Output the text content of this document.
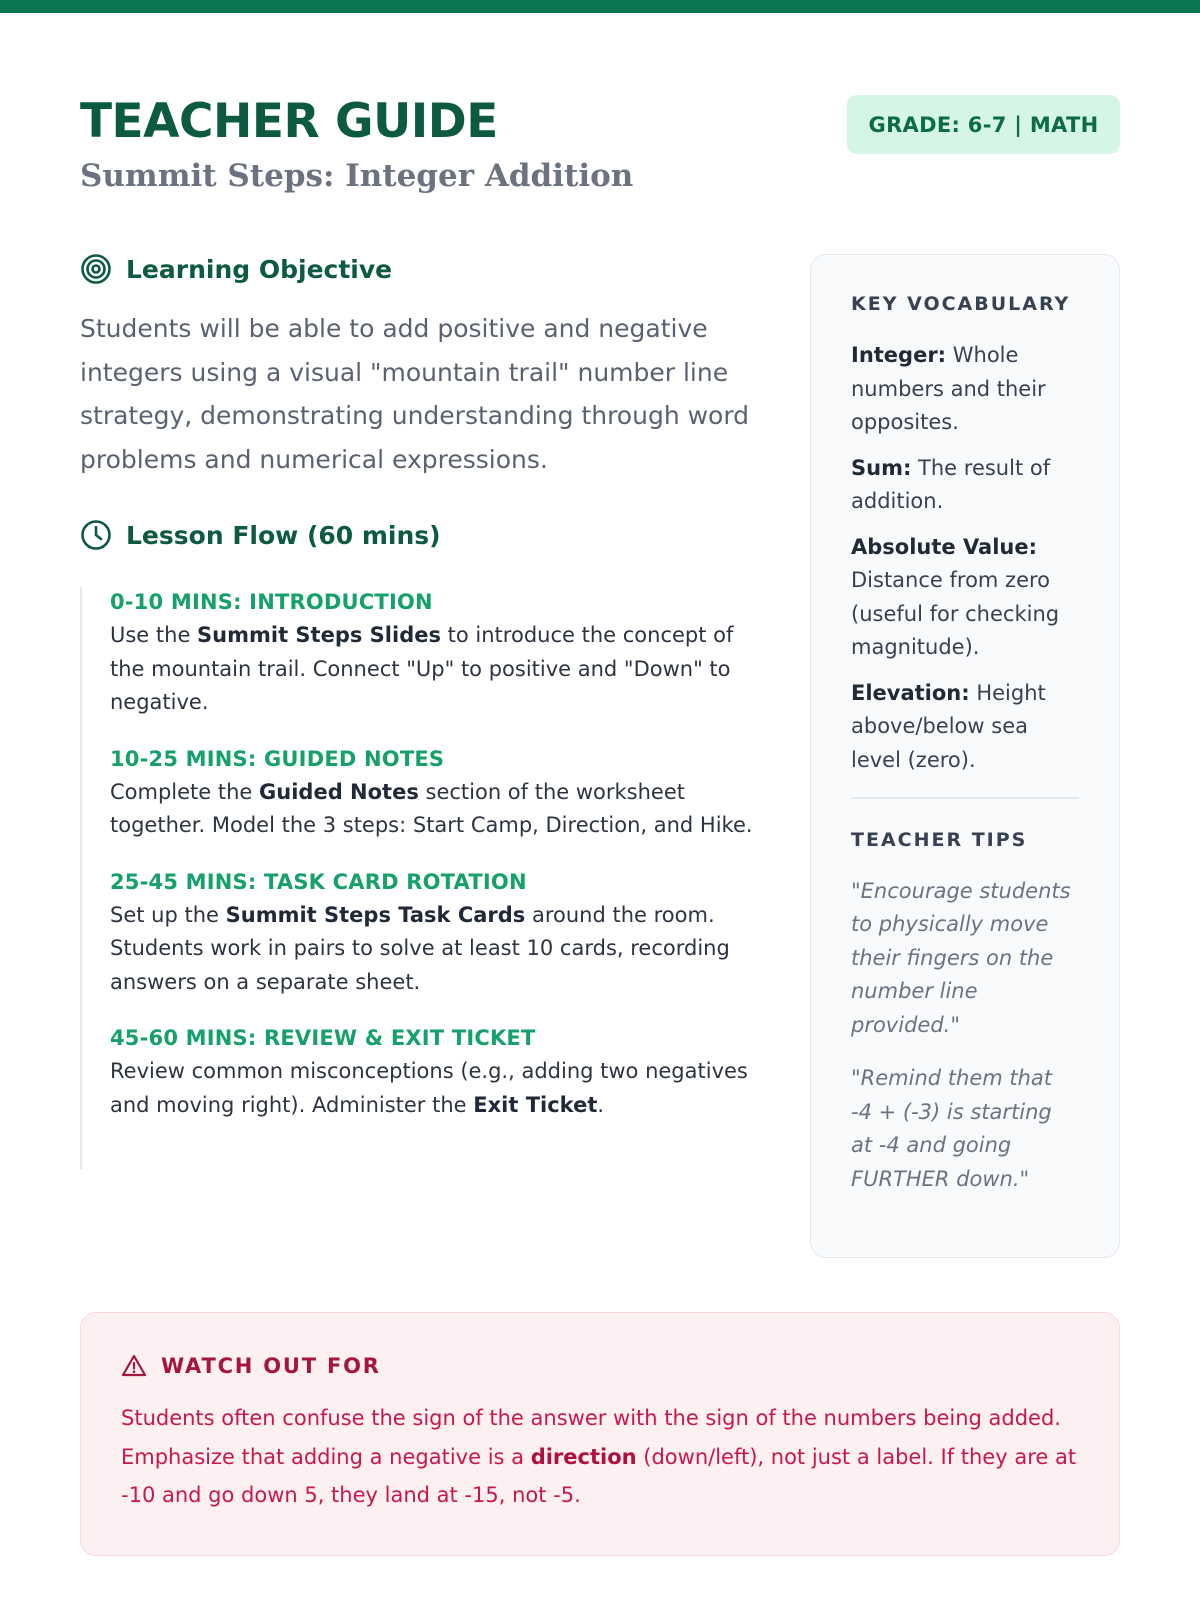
TEACHER GUIDE
Summit Steps: Integer Addition
GRADE: 6-7 | MATH
Learning Objective

Students will be able to add positive and negative integers using a visual "mountain trail" number line strategy, demonstrating understanding through word problems and numerical expressions.

Lesson Flow (60 mins)
0-10 MINS: INTRODUCTION
Use the Summit Steps Slides to introduce the concept of the mountain trail. Connect "Up" to positive and "Down" to negative.
10-25 MINS: GUIDED NOTES
Complete the Guided Notes section of the worksheet together. Model the 3 steps: Start Camp, Direction, and Hike.
25-45 MINS: TASK CARD ROTATION
Set up the Summit Steps Task Cards around the room. Students work in pairs to solve at least 10 cards, recording answers on a separate sheet.
45-60 MINS: REVIEW & EXIT TICKET
Review common misconceptions (e.g., adding two negatives and moving right). Administer the Exit Ticket.
KEY VOCABULARY
Integer: Whole numbers and their opposites.
Sum: The result of addition.
Absolute Value: Distance from zero (useful for checking magnitude).
Elevation: Height above/below sea level (zero).
TEACHER TIPS
"Encourage students to physically move their fingers on the number line provided."
"Remind them that -4 + (-3) is starting at -4 and going FURTHER down."
WATCH OUT FOR
Students often confuse the sign of the answer with the sign of the numbers being added. Emphasize that adding a negative is a direction (down/left), not just a label. If they are at -10 and go down 5, they land at -15, not -5.
